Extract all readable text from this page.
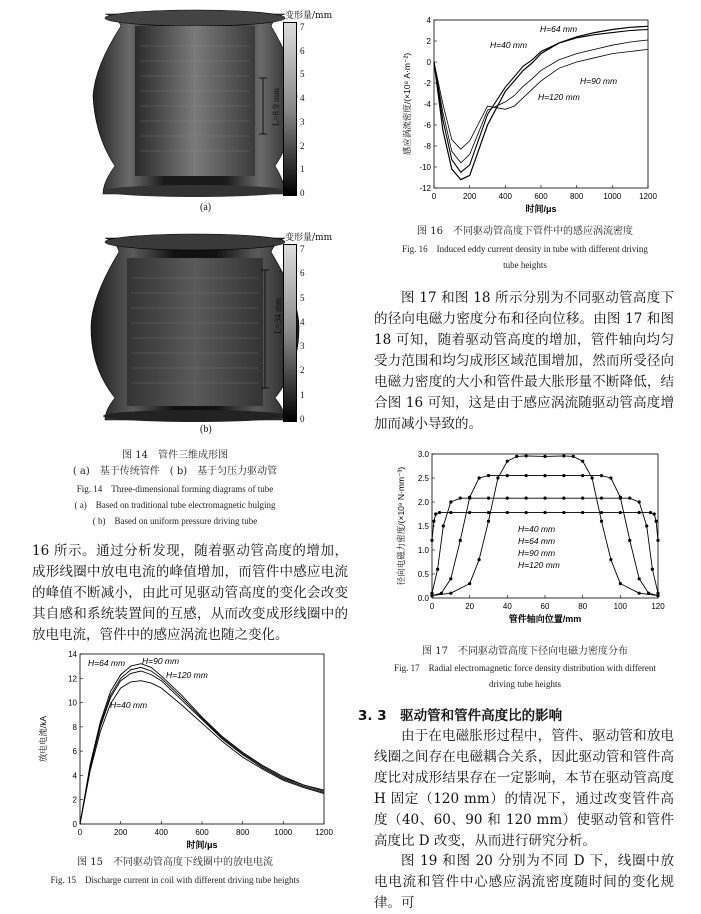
L=8.9 mm
变形量/mm
7
6
5
4
3
2
1
0
(a)
L=34 mm
变形量/mm
7
6
5
4
3
2
1
0
(b)
图 14　管件三维成形图
( a)　基于传统管件　( b)　基于匀压力驱动管
Fig. 14　Three-dimensional forming diagrams of tube
( a)　Based on traditional tube electromagnetic bulging
( b)　Based on uniform pressure driving tube
16 所示。通过分析发现，随着驱动管高度的增加，成形线圈中放电电流的峰值增加，而管件中感应电流的峰值不断减小，由此可见驱动管高度的变化会改变其自感和系统装置间的互感，从而改变成形线圈中的放电电流，管件中的感应涡流也随之变化。
0	200	400	600	800	1000	1200
0
2
4
6
8
10
12
14
时间/μs
放电电流/kA
H=64 mm H=90 mm
H=120 mm
H=40 mm
图 15　不同驱动管高度下线圈中的放电电流
Fig. 15　Discharge current in coil with different driving tube heights
0	200	400	600	800	1000 1200
4
2
0
-2
-4
-6
-8
-10
-12
时间/μs
感应涡流密度/(×10⁸ A·m⁻²)
H=40 mm
H=64 mm
H=90 mm
H=120 mm
图 16　不同驱动管高度下管件中的感应涡流密度
Fig. 16　Induced eddy current density in tube with different driving
tube heights

图 17 和图 18 所示分别为不同驱动管高度下的径向电磁力密度分布和径向位移。由图 17 和图 18 可知，随着驱动管高度的增加，管件轴向均匀受力范围和均匀成形区域范围增加，然而所受径向电磁力密度的大小和管件最大胀形量不断降低，结合图 16 可知，这是由于感应涡流随驱动管高度增加而减小导致的。

0	20	40	60	80	100	120
0.0
0.5
1.0
1.5
2.0
2.5
3.0
管件轴向位置/mm
径向电磁力密度/(×10⁹ N·mm⁻³)	H=40 mm
H=64 mm
H=90 mm
H=120 mm
图 17　不同驱动管高度下径向电磁力密度分布
Fig. 17　Radial electromagnetic force density distribution with different
driving tube heights
3. 3　驱动管和管件高度比的影响

由于在电磁胀形过程中，管件、驱动管和放电线圈之间存在电磁耦合关系，因此驱动管和管件高度比对成形结果存在一定影响，本节在驱动管高度 H 固定（120 mm）的情况下，通过改变管件高度（40、60、90 和 120 mm）使驱动管和管件高度比 D 改变，从而进行研究分析。

图 19 和图 20 分别为不同 D 下，线圈中放电电流和管件中心感应涡流密度随时间的变化规律。可
